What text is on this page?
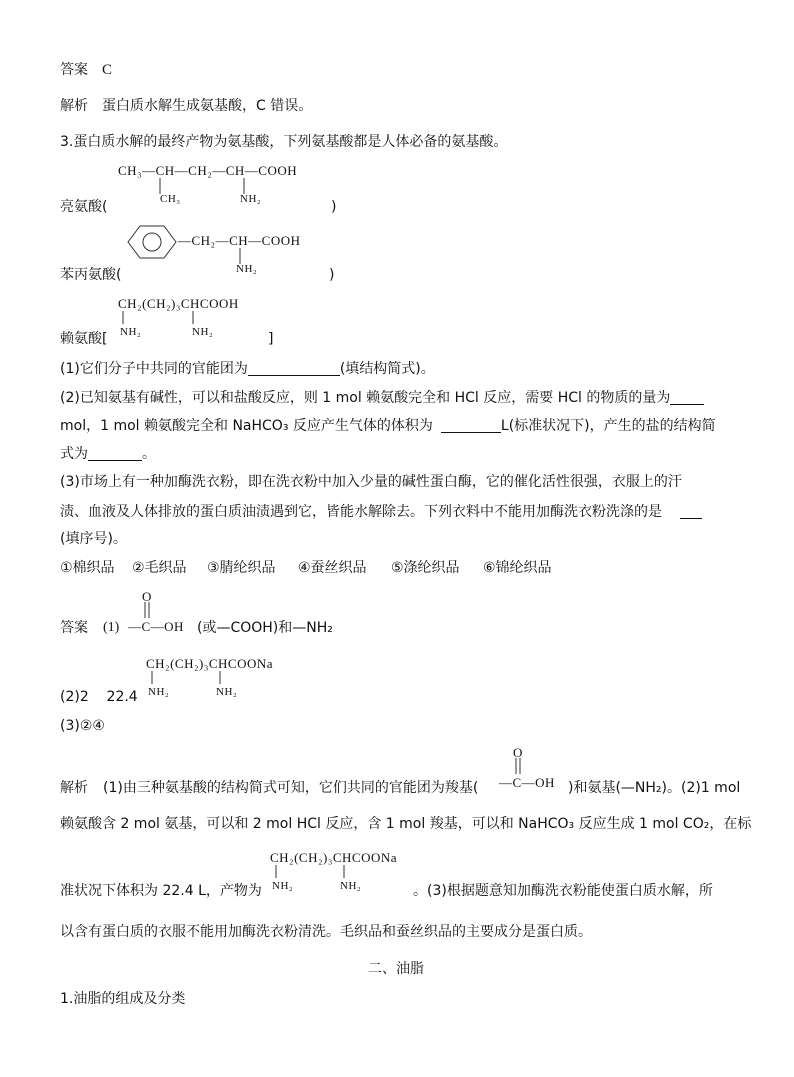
答案 C
解析 蛋白质水解生成氨基酸，C 错误。
3.蛋白质水解的最终产物为氨基酸，下列氨基酸都是人体必备的氨基酸。
CH₃—CH—CH₂—CH—COOH
CH₃	NH₂
亮氨酸(	)
—CH₂—CH—COOH
NH₂
苯丙氨酸(	)
CH₂(CH₂)₃CHCOOH
NH₂	NH₂
赖氨酸[	]
(1)它们分子中共同的官能团为	(填结构简式)。
(2)已知氨基有碱性，可以和盐酸反应，则 1 mol 赖氨酸完全和 HCl 反应，需要 HCl 的物质的量为
mol，1 mol 赖氨酸完全和 NaHCO₃ 反应产生气体的体积为	L(标准状况下)，产生的盐的结构简
式为	。
(3)市场上有一种加酶洗衣粉，即在洗衣粉中加入少量的碱性蛋白酶，它的催化活性很强，衣服上的汗
渍、血液及人体排放的蛋白质油渍遇到它，皆能水解除去。下列衣料中不能用加酶洗衣粉洗涤的是
(填序号)。
①棉织品 ②毛织品 ③腈纶织品 ④蚕丝织品 ⑤涤纶织品 ⑥锦纶织品
O
答案 (1) —C—OH (或—COOH)和—NH₂
CH₂(CH₂)₃CHCOONa
NH₂	NH₂
(2)2    22.4
(3)②④
O
解析 (1)由三种氨基酸的结构简式可知，它们共同的官能团为羧基( —C—OH )和氨基(—NH₂)。(2)1 mol
赖氨酸含 2 mol 氨基，可以和 2 mol HCl 反应，含 1 mol 羧基，可以和 NaHCO₃ 反应生成 1 mol CO₂，在标
CH₂(CH₂)₃CHCOONa
NH₂	NH₂
准状况下体积为 22.4 L，产物为	。(3)根据题意知加酶洗衣粉能使蛋白质水解，所
以含有蛋白质的衣服不能用加酶洗衣粉清洗。毛织品和蚕丝织品的主要成分是蛋白质。
二、油脂
1.油脂的组成及分类
